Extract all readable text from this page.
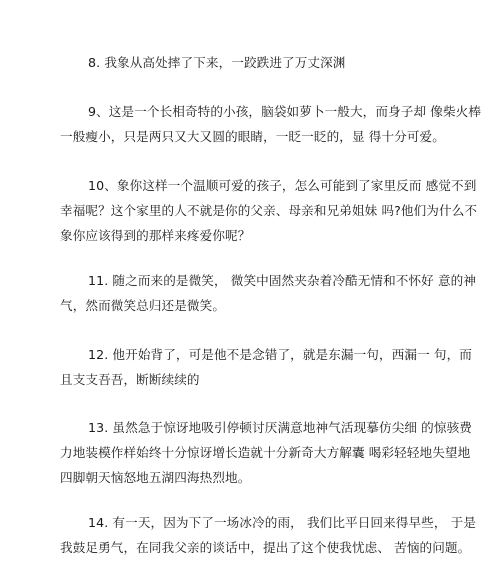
8. 我象从高处摔了下来，一跤跌进了万丈深渊

9、这是一个长相奇特的小孩，脑袋如萝卜一般大，而身子却 像柴火棒
一般瘦小，只是两只又大又圆的眼睛，一眨一眨的，显 得十分可爱。

10、象你这样一个温顺可爱的孩子，怎么可能到了家里反而 感觉不到
幸福呢？这个家里的人不就是你的父亲、母亲和兄弟姐妹 吗?他们为什么不
象你应该得到的那样来疼爱你呢？

11. 随之而来的是微笑， 微笑中固然夹杂着冷酷无情和不怀好 意的神
气，然而微笑总归还是微笑。

12. 他开始背了，可是他不是念错了，就是东漏一句，西漏一 句，而
且支支吾吾，断断续续的

13. 虽然急于惊讶地吸引停顿讨厌满意地神气活现摹仿尖细 的惊骇费
力地装模作样始终十分惊讶增长造就十分新奇大方解囊 喝彩轻轻地失望地
四脚朝天恼怒地五湖四海热烈地。

14. 有一天，因为下了一场冰冷的雨， 我们比平日回来得早些， 于是
我鼓足勇气，在同我父亲的谈话中，提出了这个使我忧虑、 苦恼的问题。
